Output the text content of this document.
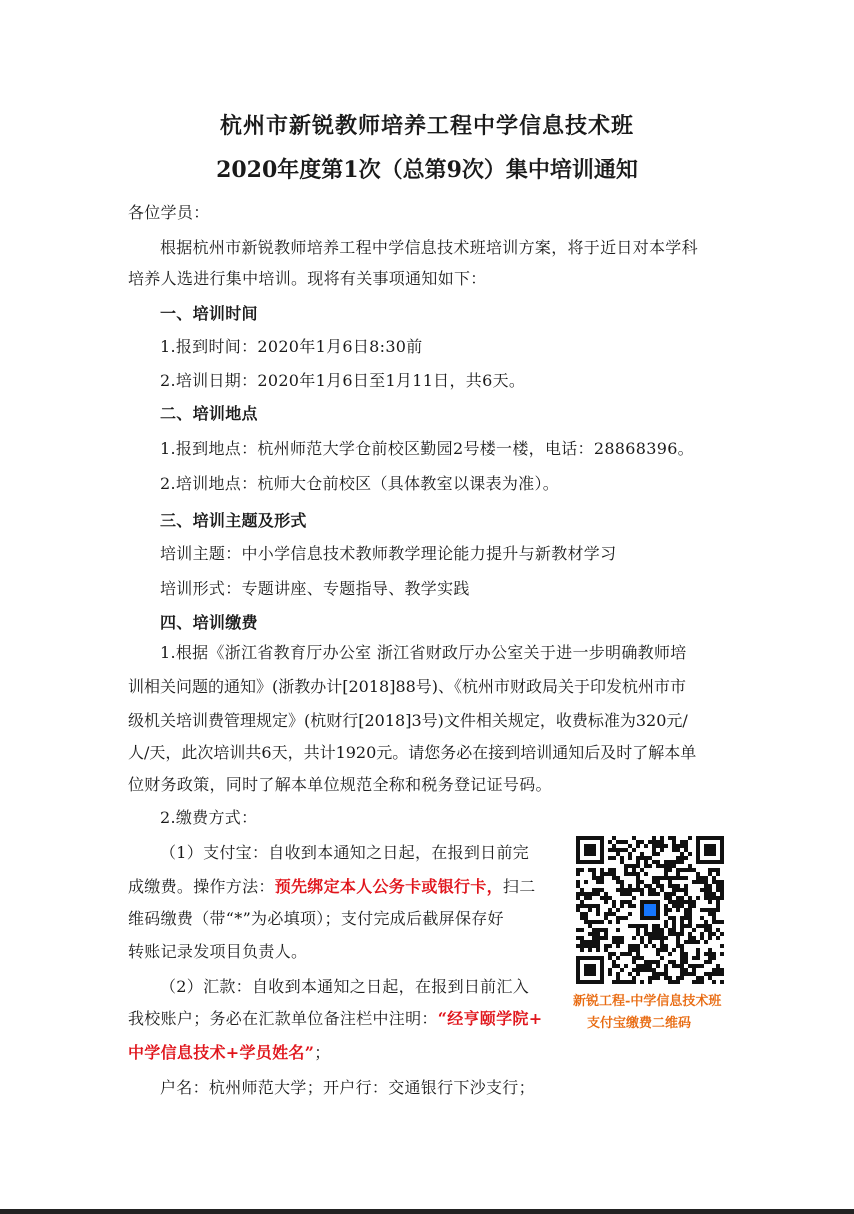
杭州市新锐教师培养工程中学信息技术班
2020年度第1次（总第9次）集中培训通知
各位学员：
根据杭州市新锐教师培养工程中学信息技术班培训方案，将于近日对本学科
培养人选进行集中培训。现将有关事项通知如下：
一、培训时间
1.报到时间：2020年1月6日8:30前
2.培训日期：2020年1月6日至1月11日，共6天。
二、培训地点
1.报到地点：杭州师范大学仓前校区勤园2号楼一楼，电话：28868396。
2.培训地点：杭师大仓前校区（具体教室以课表为准）。
三、培训主题及形式
培训主题：中小学信息技术教师教学理论能力提升与新教材学习
培训形式：专题讲座、专题指导、教学实践
四、培训缴费
1.根据《浙江省教育厅办公室 浙江省财政厅办公室关于进一步明确教师培
训相关问题的通知》(浙教办计[2018]88号)、《杭州市财政局关于印发杭州市市
级机关培训费管理规定》(杭财行[2018]3号)文件相关规定，收费标准为320元/
人/天，此次培训共6天，共计1920元。请您务必在接到培训通知后及时了解本单
位财务政策，同时了解本单位规范全称和税务登记证号码。
2.缴费方式：
（1）支付宝：自收到本通知之日起，在报到日前完
成缴费。操作方法：预先绑定本人公务卡或银行卡，扫二
维码缴费（带“*”为必填项）；支付完成后截屏保存好
转账记录发项目负责人。
（2）汇款：自收到本通知之日起，在报到日前汇入
我校账户；务必在汇款单位备注栏中注明：“经亨颐学院+
中学信息技术+学员姓名”；
户名：杭州师范大学；开户行：交通银行下沙支行；
新锐工程-中学信息技术班
支付宝缴费二维码
